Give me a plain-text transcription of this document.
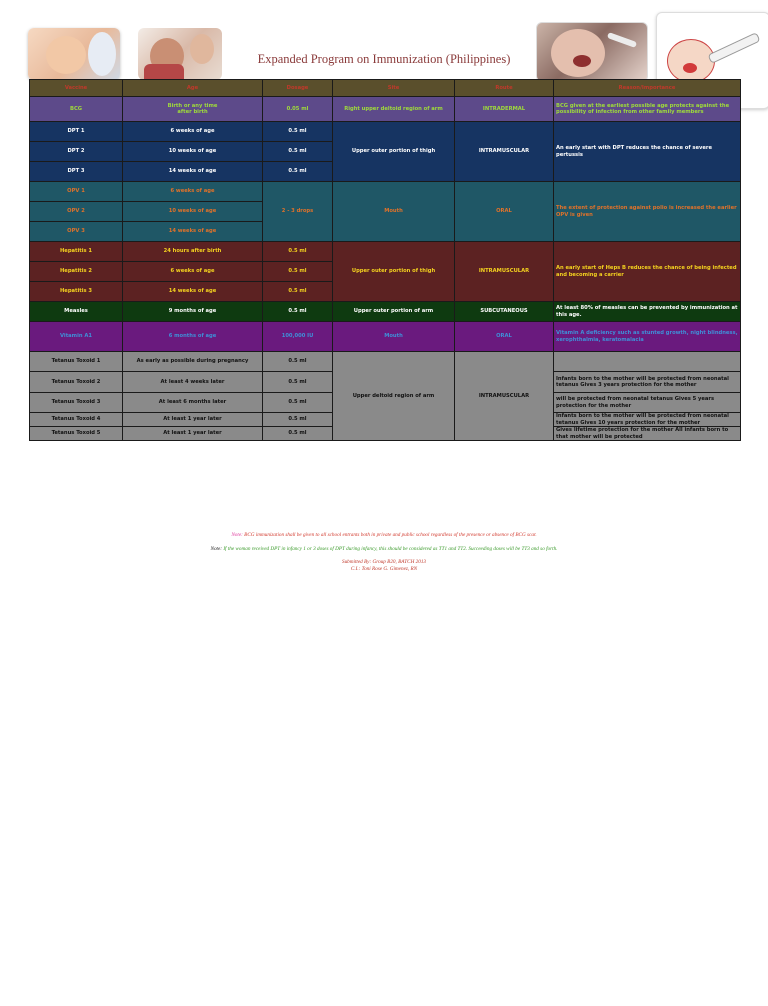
Expanded Program on Immunization (Philippines)
Vaccine	Age	Dosage	Site	Route	Reason/Importance
BCG	Birth or any time after birth	0.05 ml	Right upper deltoid region of arm	INTRADERMAL	BCG given at the earliest possible age protects against the possibility of infection from other family members
DPT 1	6 weeks of age	0.5 ml	Upper outer portion of thigh	INTRAMUSCULAR	An early start with DPT reduces the chance of severe pertussis
DPT 2	10 weeks of age	0.5 ml			
DPT 3	14 weeks of age	0.5 ml			
OPV 1	6 weeks of age	2 - 3 drops	Mouth	ORAL	The extent of protection against polio is increased the earlier OPV is given
OPV 2	10 weeks of age				
OPV 3	14 weeks of age				
Hepatitis 1	24 hours after birth	0.5 ml	Upper outer portion of thigh	INTRAMUSCULAR	An early start of Heps B reduces the chance of being infected and becoming a carrier
Hepatitis 2	6 weeks of age	0.5 ml			
Hepatitis 3	14 weeks of age	0.5 ml			
Measles	9 months of age	0.5 ml	Upper outer portion of arm	SUBCUTANEOUS	At least 80% of measles can be prevented by immunization at this age.
Vitamin A1	6 months of age	100,000 IU	Mouth	ORAL	Vitamin A deficiency such as stunted growth, night blindness, xerophthalmia, keratomalacia
Tetanus Toxoid 1	As early as possible during pregnancy	0.5 ml	Upper deltoid region of arm	INTRAMUSCULAR	
Tetanus Toxoid 2	At least 4 weeks later	0.5 ml			Infants born to the mother will be protected from neonatal tetanus Gives 3 years protection for the mother
Tetanus Toxoid 3	At least 6 months later	0.5 ml			will be protected from neonatal tetanus Gives 5 years protection for the mother
Tetanus Toxoid 4	At least 1 year later	0.5 ml			Infants born to the mother will be protected from neonatal tetanus Gives 10 years protection for the mother
Tetanus Toxoid 5	At least 1 year later	0.5 ml			Gives lifetime protection for the mother All infants born to that mother will be protected
Note: BCG immunization shall be given to all school entrants both in private and public school regardless of the presence or absence of BCG scar.
Note: If the woman received DPT in infancy 1 or 3 doses of DPT during infancy, this should be considered as TT1 and TT2. Succeeding doses will be TT3 and so forth.
Submitted By: Group B20, BATCH 2013
C.I.: Toni Rose G. Gimenez, RN
